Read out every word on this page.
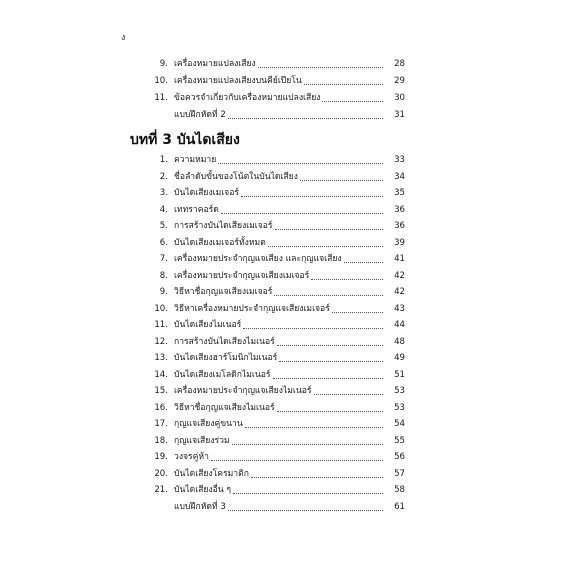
ง
9. เครื่องหมายแปลงเสียง	28
10. เครื่องหมายแปลงเสียงบนคีย์เปียโน	29
11. ข้อควรจำเกี่ยวกับเครื่องหมายแปลงเสียง	30
แบบฝึกหัดที่ 2	31
บทที่ 3 บันไดเสียง
1. ความหมาย	33
2. ชื่อลำดับขั้นของโน้ตในบันไดเสียง	34
3. บันไดเสียงเมเจอร์	35
4. เททราคอร์ด	36
5. การสร้างบันไดเสียงเมเจอร์	36
6. บันไดเสียงเมเจอร์ทั้งหมด	39
7. เครื่องหมายประจำกุญแจเสียง และกุญแจเสียง	41
8. เครื่องหมายประจำกุญแจเสียงเมเจอร์	42
9. วิธีหาชื่อกุญแจเสียงเมเจอร์	42
10. วิธีหาเครื่องหมายประจำกุญแจเสียงเมเจอร์	43
11. บันไดเสียงไมเนอร์	44
12. การสร้างบันไดเสียงไมเนอร์	48
13. บันไดเสียงฮาร์โมนิกไมเนอร์	49
14. บันไดเสียงเมโลดิกไมเนอร์	51
15. เครื่องหมายประจำกุญแจเสียงไมเนอร์	53
16. วิธีหาชื่อกุญแจเสียงไมเนอร์	53
17. กุญแจเสียงคู่ขนาน	54
18. กุญแจเสียงร่วม	55
19. วงจรคู่ห้า	56
20. บันไดเสียงโครมาติก	57
21. บันไดเสียงอื่น ๆ	58
แบบฝึกหัดที่ 3	61
